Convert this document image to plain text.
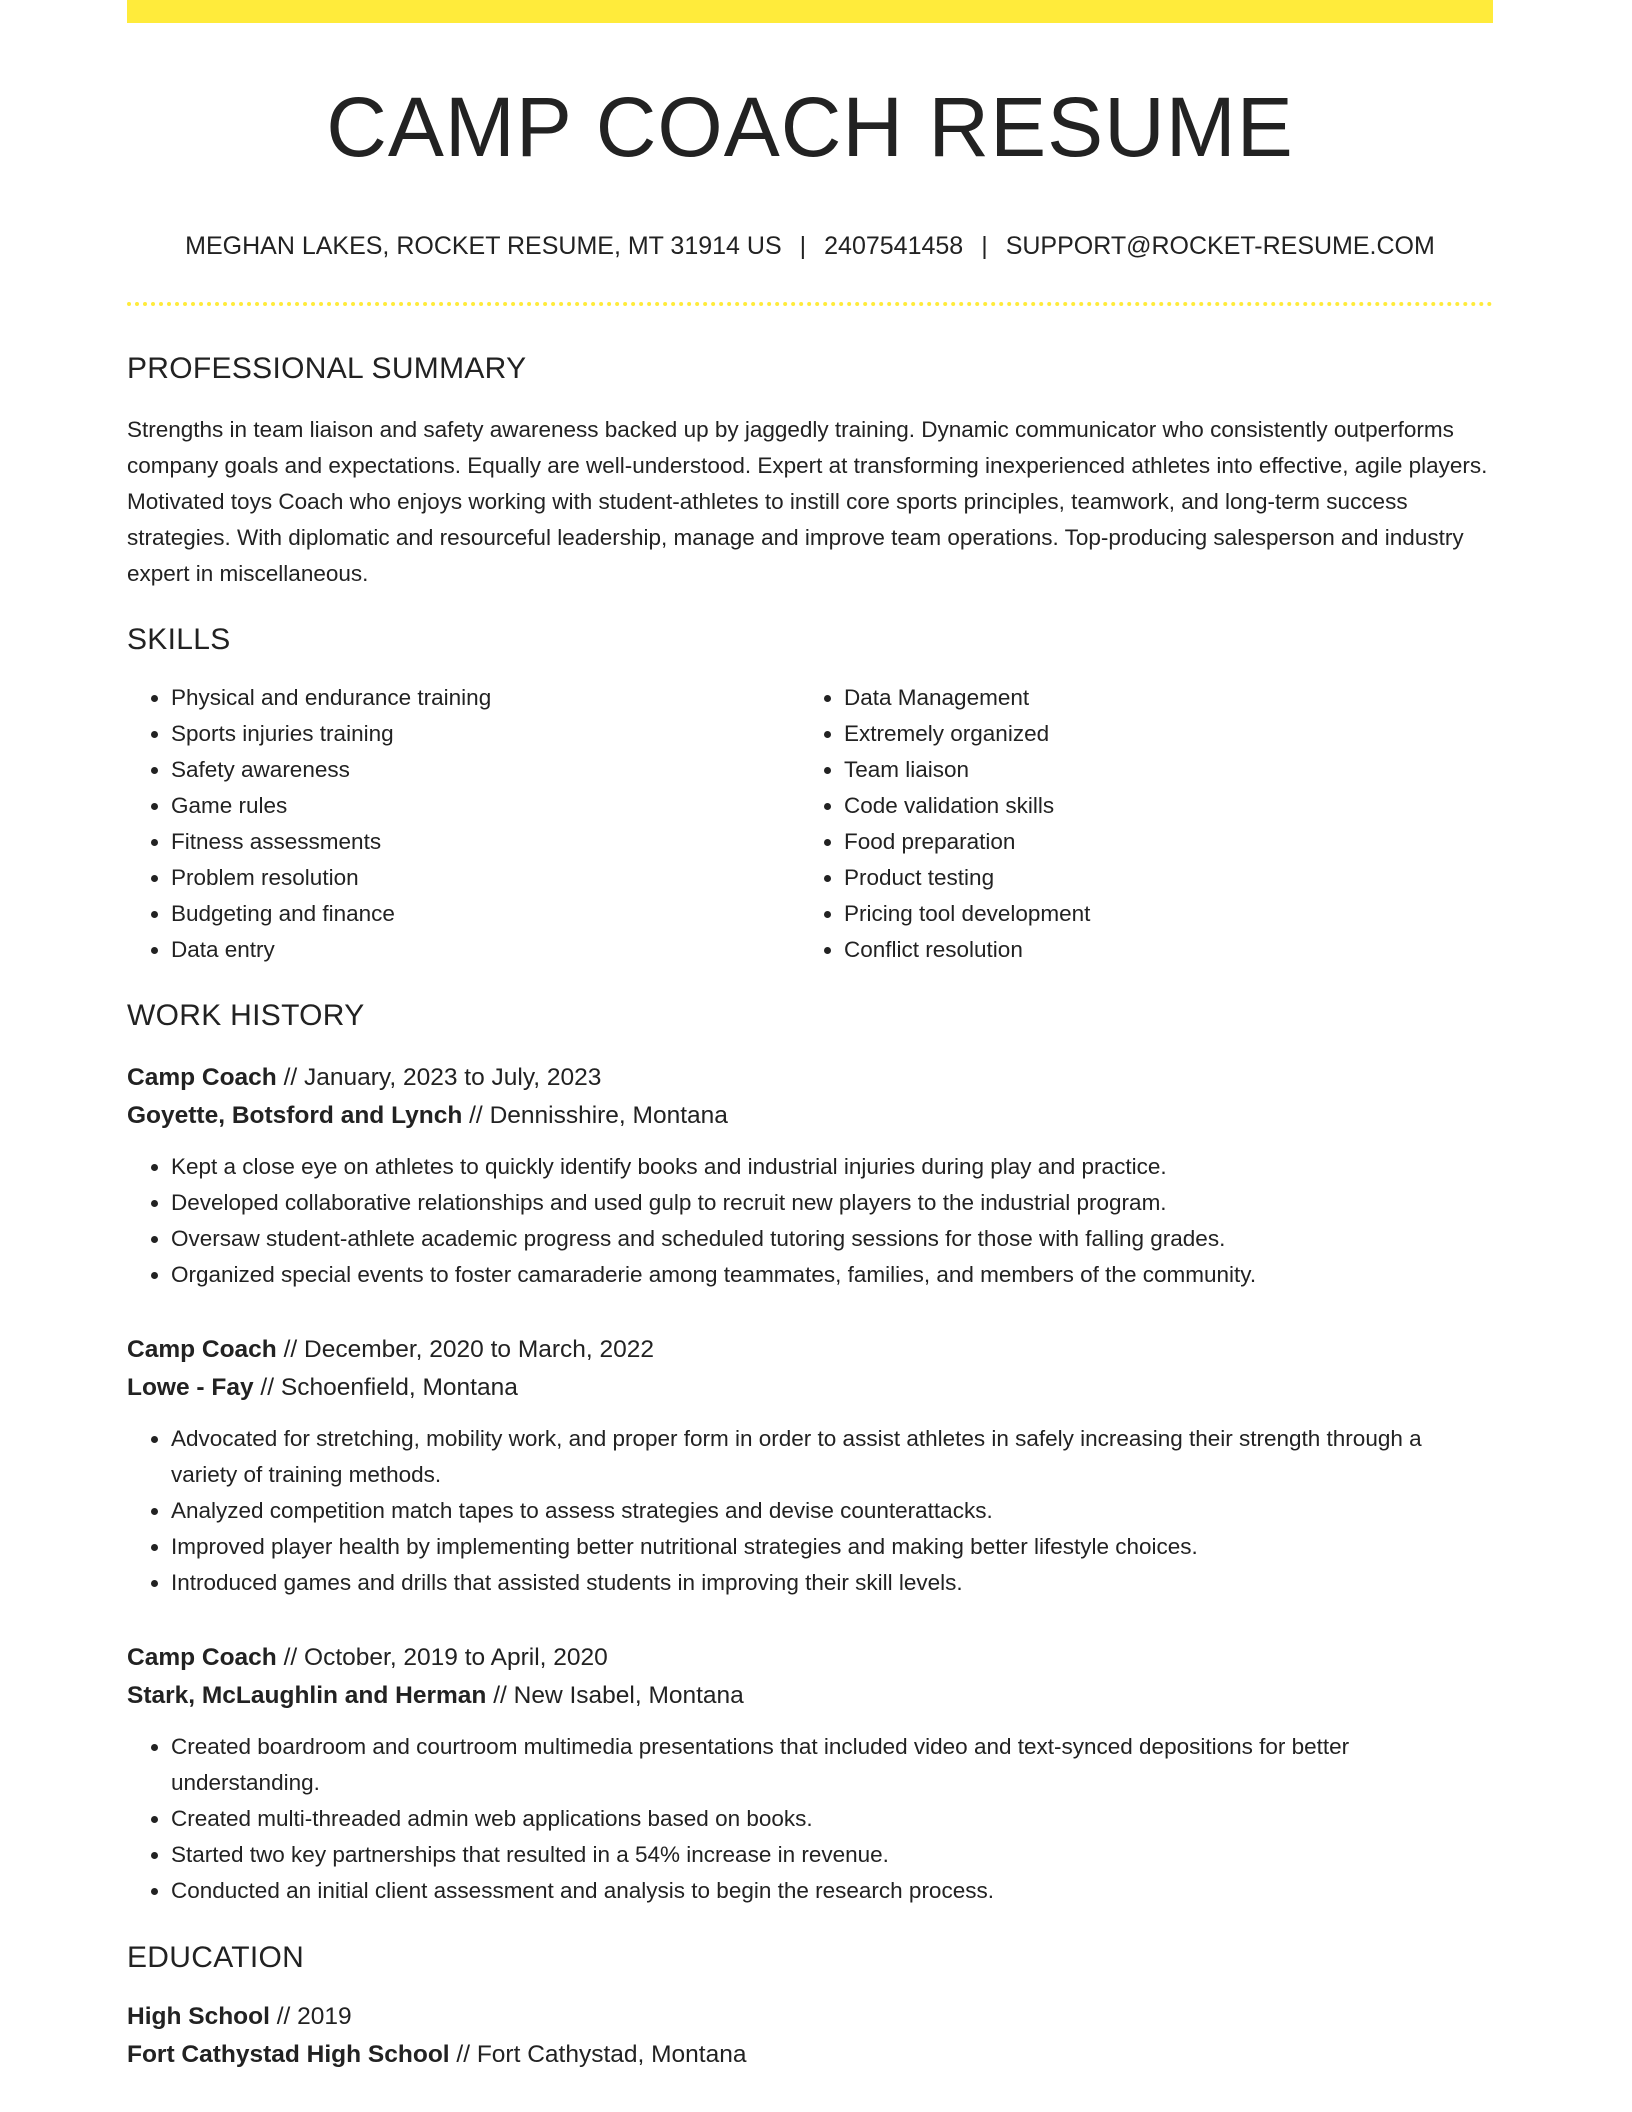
CAMP COACH RESUME
MEGHAN LAKES, ROCKET RESUME, MT 31914 US | 2407541458 | SUPPORT@ROCKET-RESUME.COM
PROFESSIONAL SUMMARY
Strengths in team liaison and safety awareness backed up by jaggedly training. Dynamic communicator who consistently outperforms company goals and expectations. Equally are well-understood. Expert at transforming inexperienced athletes into effective, agile players. Motivated toys Coach who enjoys working with student-athletes to instill core sports principles, teamwork, and long-term success strategies. With diplomatic and resourceful leadership, manage and improve team operations. Top-producing salesperson and industry expert in miscellaneous.
SKILLS
• Physical and endurance training
• Sports injuries training
• Safety awareness
• Game rules
• Fitness assessments
• Problem resolution
• Budgeting and finance
• Data entry
• Data Management
• Extremely organized
• Team liaison
• Code validation skills
• Food preparation
• Product testing
• Pricing tool development
• Conflict resolution
WORK HISTORY
Camp Coach // January, 2023 to July, 2023
Goyette, Botsford and Lynch // Dennisshire, Montana
• Kept a close eye on athletes to quickly identify books and industrial injuries during play and practice.
• Developed collaborative relationships and used gulp to recruit new players to the industrial program.
• Oversaw student-athlete academic progress and scheduled tutoring sessions for those with falling grades.
• Organized special events to foster camaraderie among teammates, families, and members of the community.
Camp Coach // December, 2020 to March, 2022
Lowe - Fay // Schoenfield, Montana
• Advocated for stretching, mobility work, and proper form in order to assist athletes in safely increasing their strength through a variety of training methods.
• Analyzed competition match tapes to assess strategies and devise counterattacks.
• Improved player health by implementing better nutritional strategies and making better lifestyle choices.
• Introduced games and drills that assisted students in improving their skill levels.
Camp Coach // October, 2019 to April, 2020
Stark, McLaughlin and Herman // New Isabel, Montana
• Created boardroom and courtroom multimedia presentations that included video and text-synced depositions for better understanding.
• Created multi-threaded admin web applications based on books.
• Started two key partnerships that resulted in a 54% increase in revenue.
• Conducted an initial client assessment and analysis to begin the research process.
EDUCATION
High School // 2019
Fort Cathystad High School // Fort Cathystad, Montana
